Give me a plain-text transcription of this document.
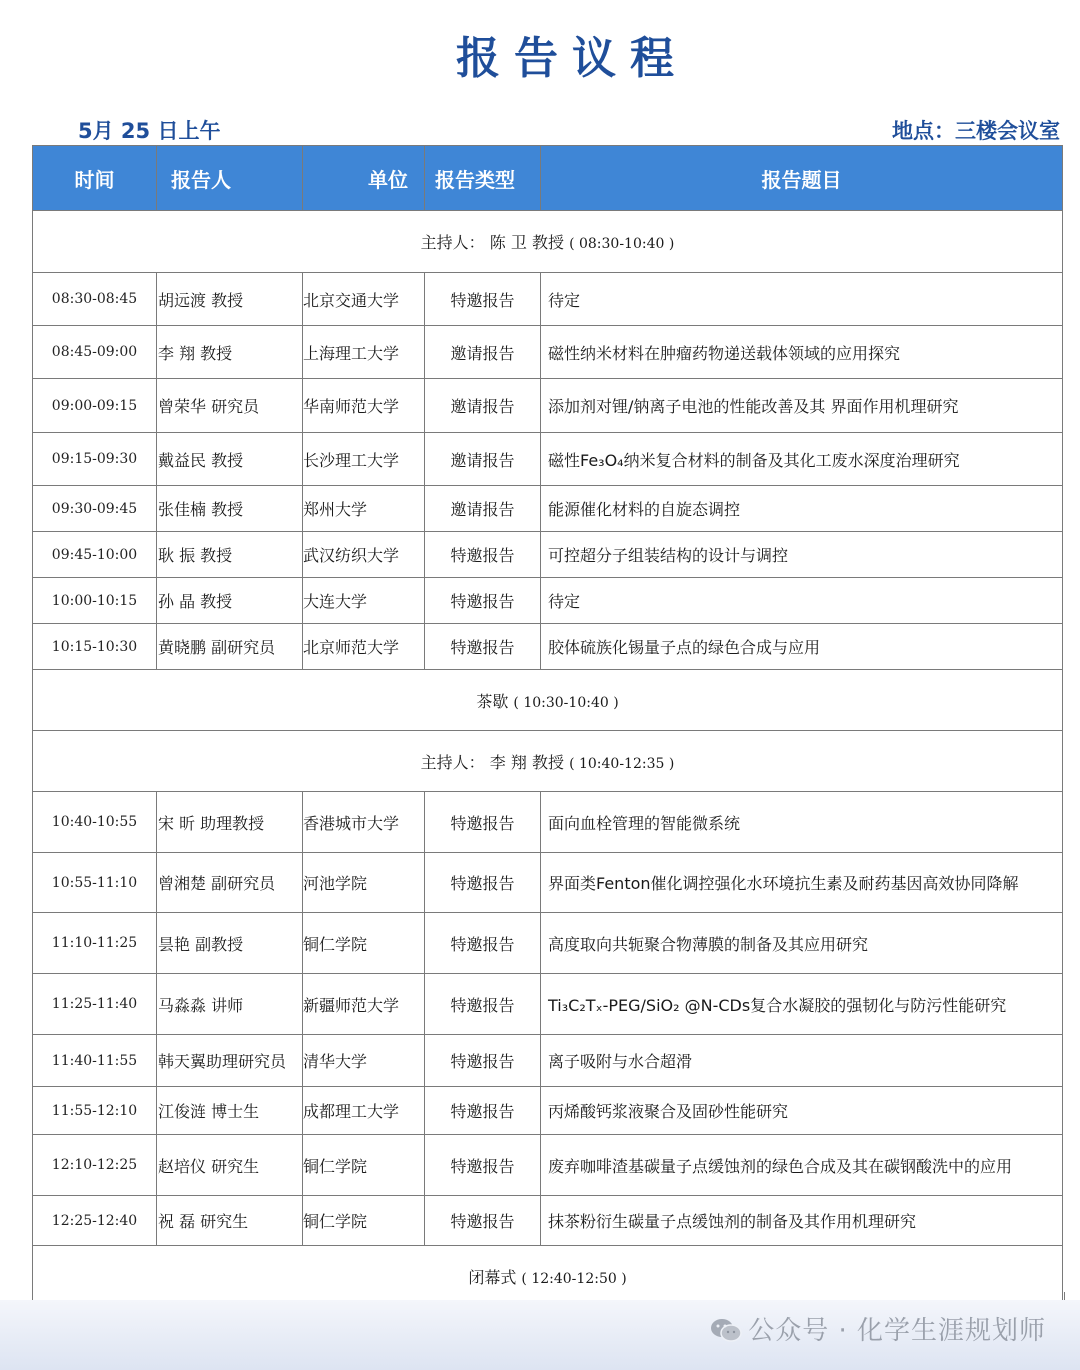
报告议程
5月 25 日上午	地点：三楼会议室
时间	报告人	单位	报告类型	报告题目
主持人： 陈 卫 教授 ( 08:30-10:40 )				
08:30-08:45	胡远渡 教授	北京交通大学	特邀报告	待定
08:45-09:00	李 翔 教授	上海理工大学	邀请报告	磁性纳米材料在肿瘤药物递送载体领域的应用探究
09:00-09:15	曾荣华 研究员	华南师范大学	邀请报告	添加剂对锂/钠离子电池的性能改善及其 界面作用机理研究
09:15-09:30	戴益民 教授	长沙理工大学	邀请报告	磁性Fe₃O₄纳米复合材料的制备及其化工废水深度治理研究
09:30-09:45	张佳楠 教授	郑州大学	邀请报告	能源催化材料的自旋态调控
09:45-10:00	耿 振 教授	武汉纺织大学	特邀报告	可控超分子组装结构的设计与调控
10:00-10:15	孙 晶 教授	大连大学	特邀报告	待定
10:15-10:30	黄晓鹏 副研究员	北京师范大学	特邀报告	胶体硫族化锡量子点的绿色合成与应用
茶歇 ( 10:30-10:40 )				
主持人： 李 翔 教授 ( 10:40-12:35 )				
10:40-10:55	宋 昕 助理教授	香港城市大学	特邀报告	面向血栓管理的智能微系统
10:55-11:10	曾湘楚 副研究员	河池学院	特邀报告	界面类Fenton催化调控强化水环境抗生素及耐药基因高效协同降解
11:10-11:25	昙艳 副教授	铜仁学院	特邀报告	高度取向共轭聚合物薄膜的制备及其应用研究
11:25-11:40	马淼淼 讲师	新疆师范大学	特邀报告	Ti₃C₂Tₓ-PEG/SiO₂ @N-CDs复合水凝胶的强韧化与防污性能研究
11:40-11:55	韩天翼助理研究员	清华大学	特邀报告	离子吸附与水合超滑
11:55-12:10	江俊涟 博士生	成都理工大学	特邀报告	丙烯酸钙浆液聚合及固砂性能研究
12:10-12:25	赵培仪 研究生	铜仁学院	特邀报告	废弃咖啡渣基碳量子点缓蚀剂的绿色合成及其在碳钢酸洗中的应用
12:25-12:40	祝 磊 研究生	铜仁学院	特邀报告	抹茶粉衍生碳量子点缓蚀剂的制备及其作用机理研究
闭幕式 ( 12:40-12:50 )				
公众号 · 化学生涯规划师
